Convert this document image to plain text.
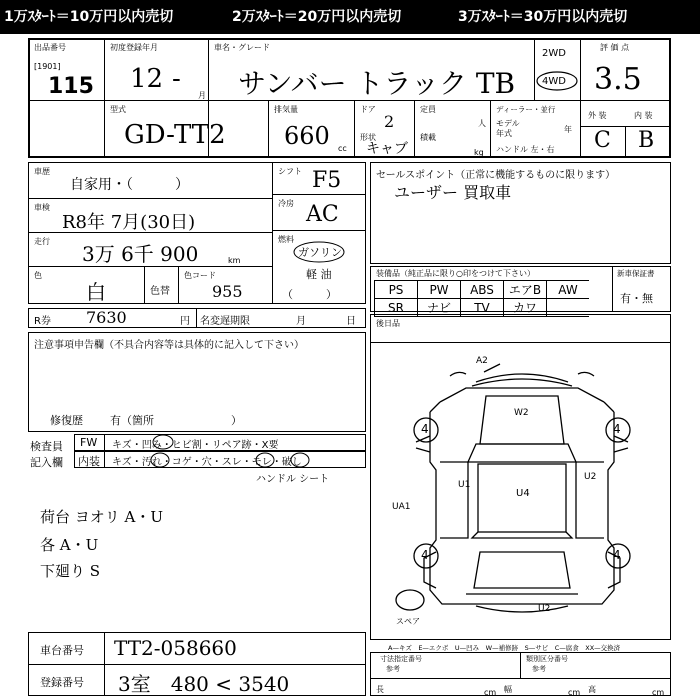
1万ｽﾀｰﾄ＝10万円以内売切	2万ｽﾀｰﾄ＝20万円以内売切	3万ｽﾀｰﾄ＝30万円以内売切
出品番号
[1901]
115
初度登録年月
12 -
月
車名・グレード
サンバー トラック TB
2WD
4WD
評 価 点
3.5
型式
GD-TT2
排気量
660 cc
ドア
2
形状
キャブ
定員
人
積載
kg
ディーラー・並行
モデル
年式	年
ハンドル 左・右
外 装	内 装
C B
車歴
自家用・（　　　）
車検
R8年 7月(30日)
走行
3万 6千 900	km
色
白	色替
色コード
955
シフト F5
冷房 AC
燃料
ガソリン
軽 油
（　　　）
R券 7630	円 名変遅期限	月	日
注意事項申告欄（不具合内容等は具体的に記入して下さい）
修復歴 有（箇所　　　　　　　）
検査員
記入欄
FW キズ・凹み・ヒビ割・リペア跡・X要
内装 キズ・汚れ・コゲ・穴・スレ・モレ・破し
ハンドル シート
荷台 ヨオリ A・U
各 A・U
下廻り S
セールスポイント（正常に機能するものに限ります）
ユーザー 買取車
装備品（純正品に限り○印をつけて下さい）	新車保証書
有・無
PS	PW	ABS	エアB	AW
SR	ナビ	TV	カワ	
後日品
A2
W2
U1
U4
U2
UA1
U2
4	4
4	4
スペア
A—キズ　E—エクボ　U—凹み　W—補修跡　S—サビ　C—腐食　XX—交換済
車台番号 TT2-058660
登録番号 3室　480 < 3540
寸法指定番号
参考
類別区分番号
参考
長	cm 幅	cm 高	cm
